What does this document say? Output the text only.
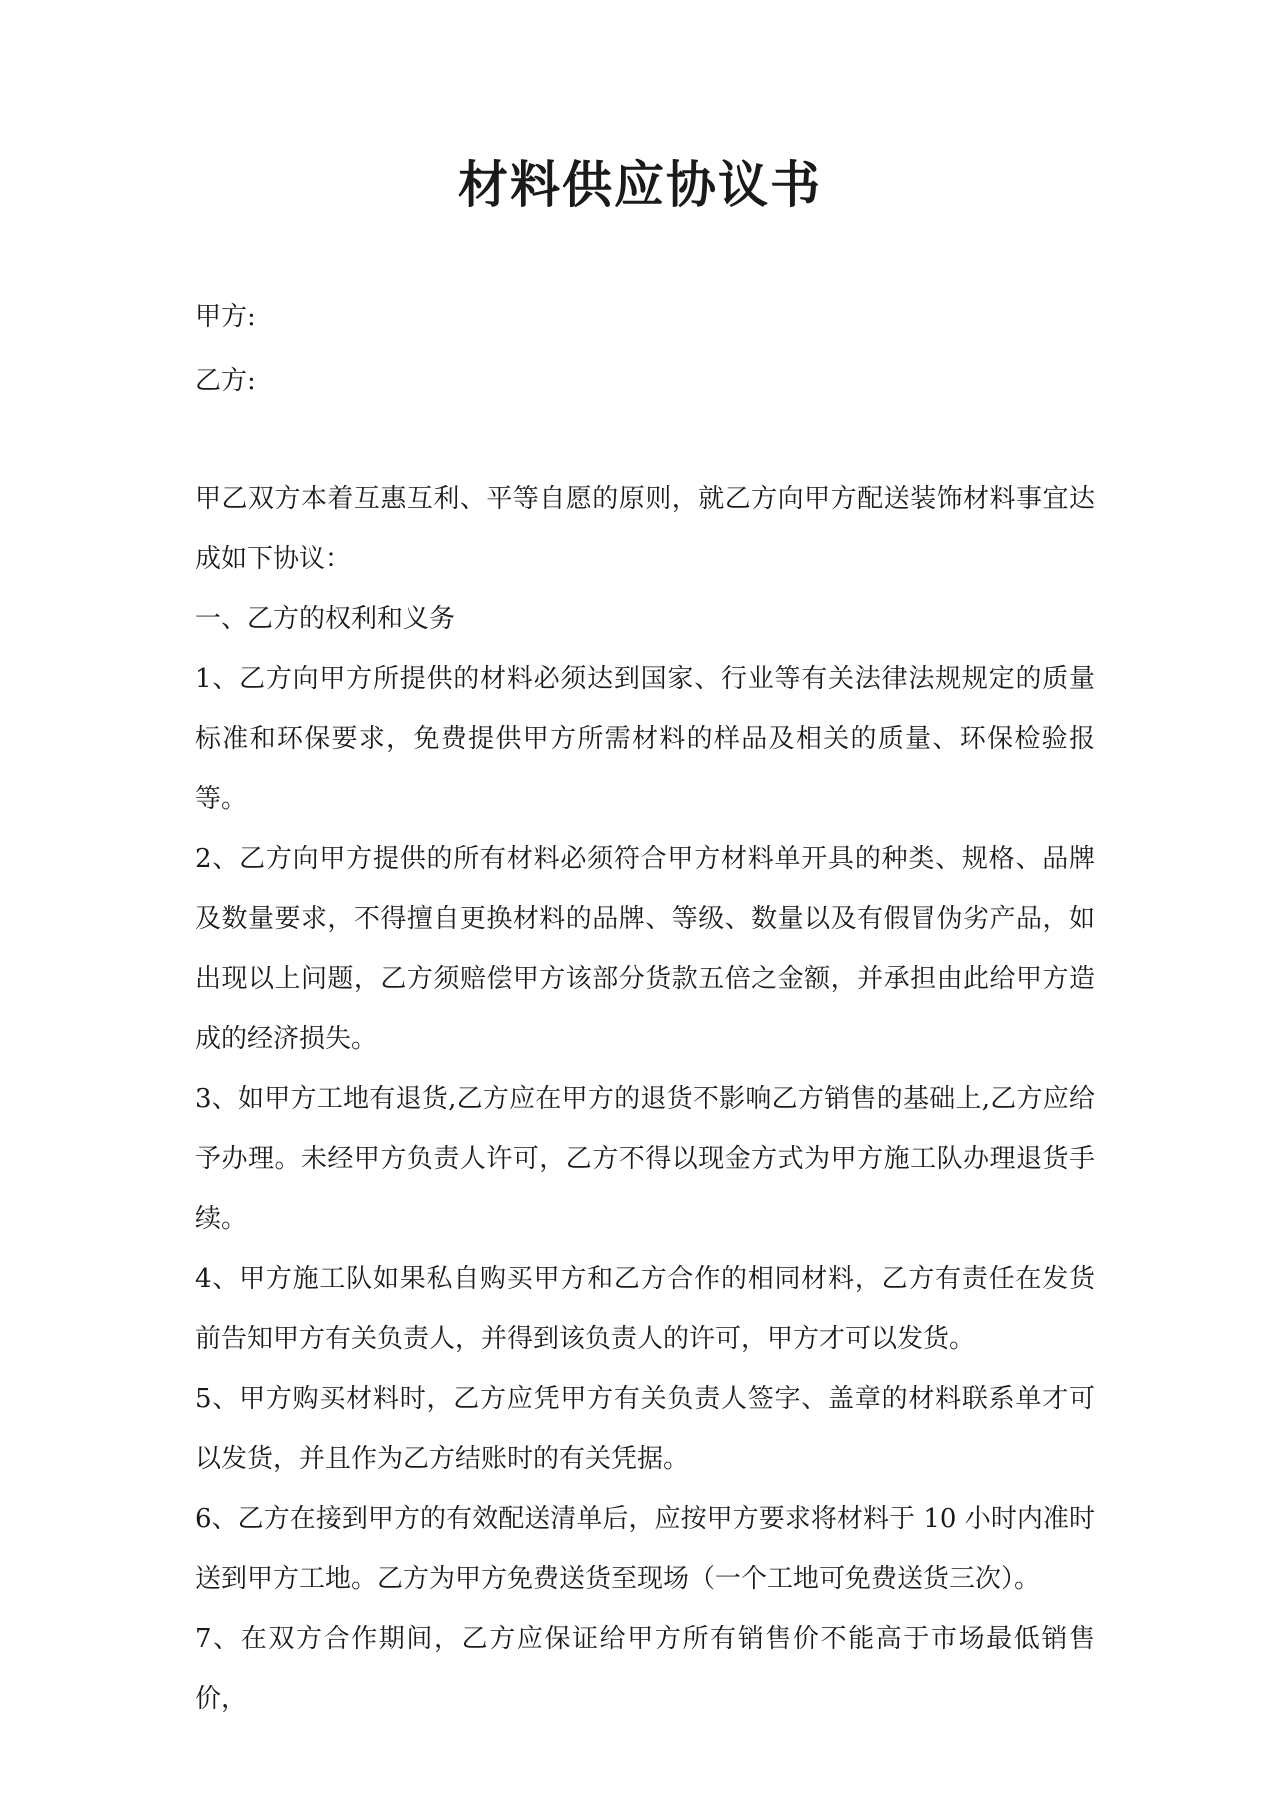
材料供应协议书

甲方:

乙方:

甲乙双方本着互惠互利、平等自愿的原则，就乙方向甲方配送装饰材料事宜达成如下协议：

一、乙方的权利和义务

1、乙方向甲方所提供的材料必须达到国家、行业等有关法律法规规定的质量标准和环保要求，免费提供甲方所需材料的样品及相关的质量、环保检验报等。

2、乙方向甲方提供的所有材料必须符合甲方材料单开具的种类、规格、品牌及数量要求，不得擅自更换材料的品牌、等级、数量以及有假冒伪劣产品，如出现以上问题，乙方须赔偿甲方该部分货款五倍之金额，并承担由此给甲方造成的经济损失。

3、如甲方工地有退货,乙方应在甲方的退货不影响乙方销售的基础上,乙方应给予办理。未经甲方负责人许可，乙方不得以现金方式为甲方施工队办理退货手续。

4、甲方施工队如果私自购买甲方和乙方合作的相同材料，乙方有责任在发货前告知甲方有关负责人，并得到该负责人的许可，甲方才可以发货。

5、甲方购买材料时，乙方应凭甲方有关负责人签字、盖章的材料联系单才可以发货，并且作为乙方结账时的有关凭据。

6、乙方在接到甲方的有效配送清单后，应按甲方要求将材料于 10 小时内准时送到甲方工地。乙方为甲方免费送货至现场（一个工地可免费送货三次）。

7、在双方合作期间，乙方应保证给甲方所有销售价不能高于市场最低销售价，
